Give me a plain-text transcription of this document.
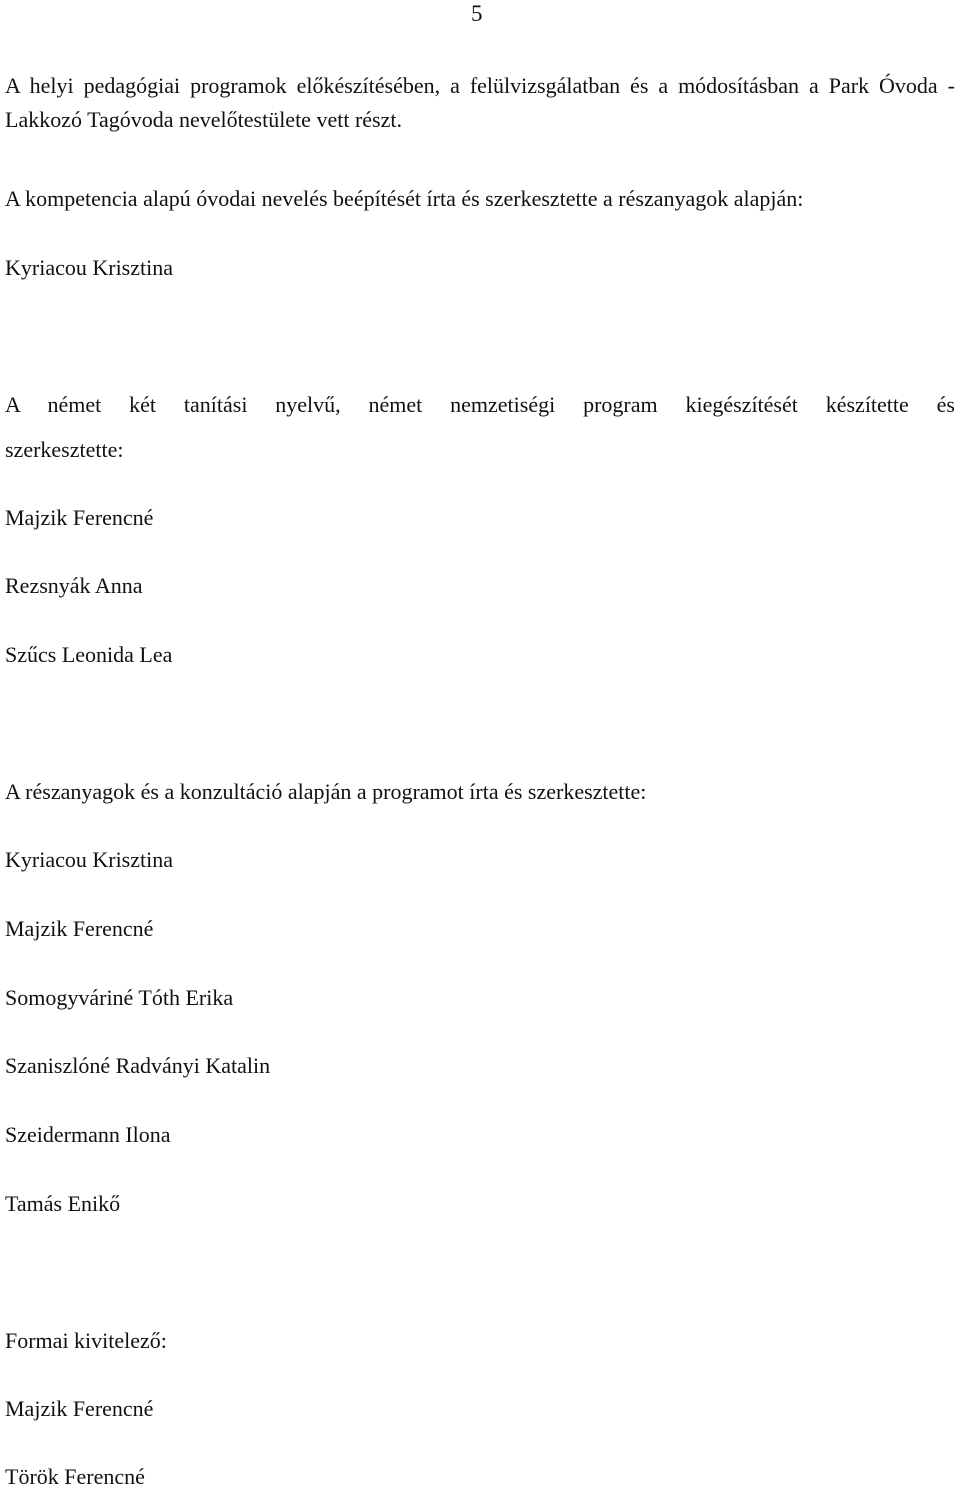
5

A helyi pedagógiai programok előkészítésében, a felülvizsgálatban és a módosításban a Park Óvoda - Lakkozó Tagóvoda nevelőtestülete vett részt.

A kompetencia alapú óvodai nevelés beépítését írta és szerkesztette a részanyagok alapján:
Kyriacou Krisztina
A német két tanítási nyelvű, német nemzetiségi program kiegészítését készítette és
szerkesztette:
Majzik Ferencné
Rezsnyák Anna
Szűcs Leonida Lea
A részanyagok és a konzultáció alapján a programot írta és szerkesztette:
Kyriacou Krisztina
Majzik Ferencné
Somogyváriné Tóth Erika
Szaniszlóné Radványi Katalin
Szeidermann Ilona
Tamás Enikő
Formai kivitelező:
Majzik Ferencné
Török Ferencné
